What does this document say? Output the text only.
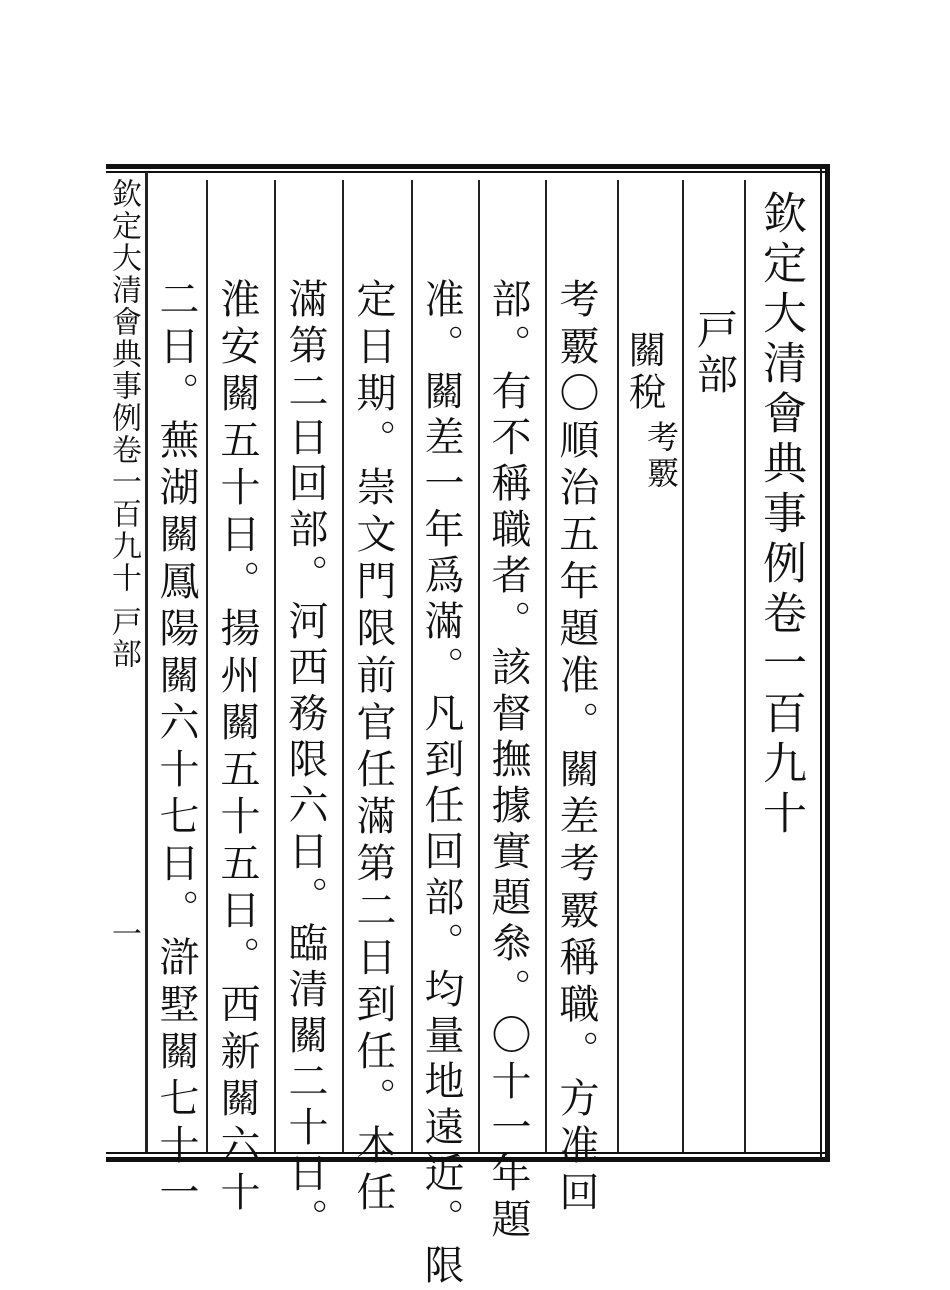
欽定大清會典事例卷一百九十
戸部
關稅
考覈
考覈〇順治五年題准。關差考覈稱職。方准回
部。有不稱職者。該督撫據實題叅。〇十一年題
准。關差一年爲滿。凡到任回部。均量地遠近。限
定日期。崇文門限前官任滿第二日到任。本任
滿第二日回部。河西務限六日。臨清關二十日。
淮安關五十日。揚州關五十五日。西新關六十
二日。蕪湖關鳳陽關六十七日。滸墅關七十一
欽定大清會典事例卷一百九十戸部
一
